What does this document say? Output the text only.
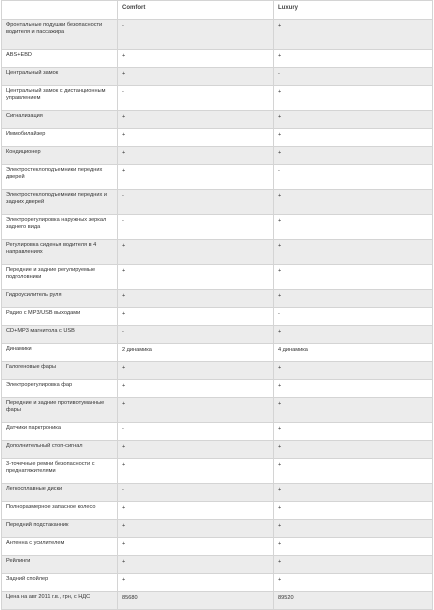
	Comfort	Luxury
Фронтальные подушки безопасности водителя и пассажира	-	+
ABS+EBD	+	+
Центральный замок	+	-
Центральный замок с дистанционным управлением	-	+
Сигнализация	+	+
Иммобилайзер	+	+
Кондиционер	+	+
Электростеклоподъемники передних дверей	+	-
Электростеклоподъемники передних и задних дверей	-	+
Электрорегулировка наружных зеркал заднего вида	-	+
Регулировка сиденья водителя в 4 направлениях	+	+
Передние и задние регулируемые подголовники	+	+
Гидроусилитель руля	+	+
Радио с MP3/USB выходами	+	-
CD+MP3 магнитола с USB	-	+
Динамики	2 динамика	4 динамика
Галогеновые фары	+	+
Электрорегулировка фар	+	+
Передние и задние противотуманные фары	+	+
Датчики парктроника	-	+
Дополнительный стоп-сигнал	+	+
3-точечные ремни безопасности с преднатяжителями	+	+
Легкосплавные диски	-	+
Полноразмерное запасное колесо	+	+
Передний подстаканник	+	+
Антенна с усилителем	+	+
Рейлинги	+	+
Задний спойлер	+	+
Цена на авг 2011 г.в., грн, с НДС	85680	89520
